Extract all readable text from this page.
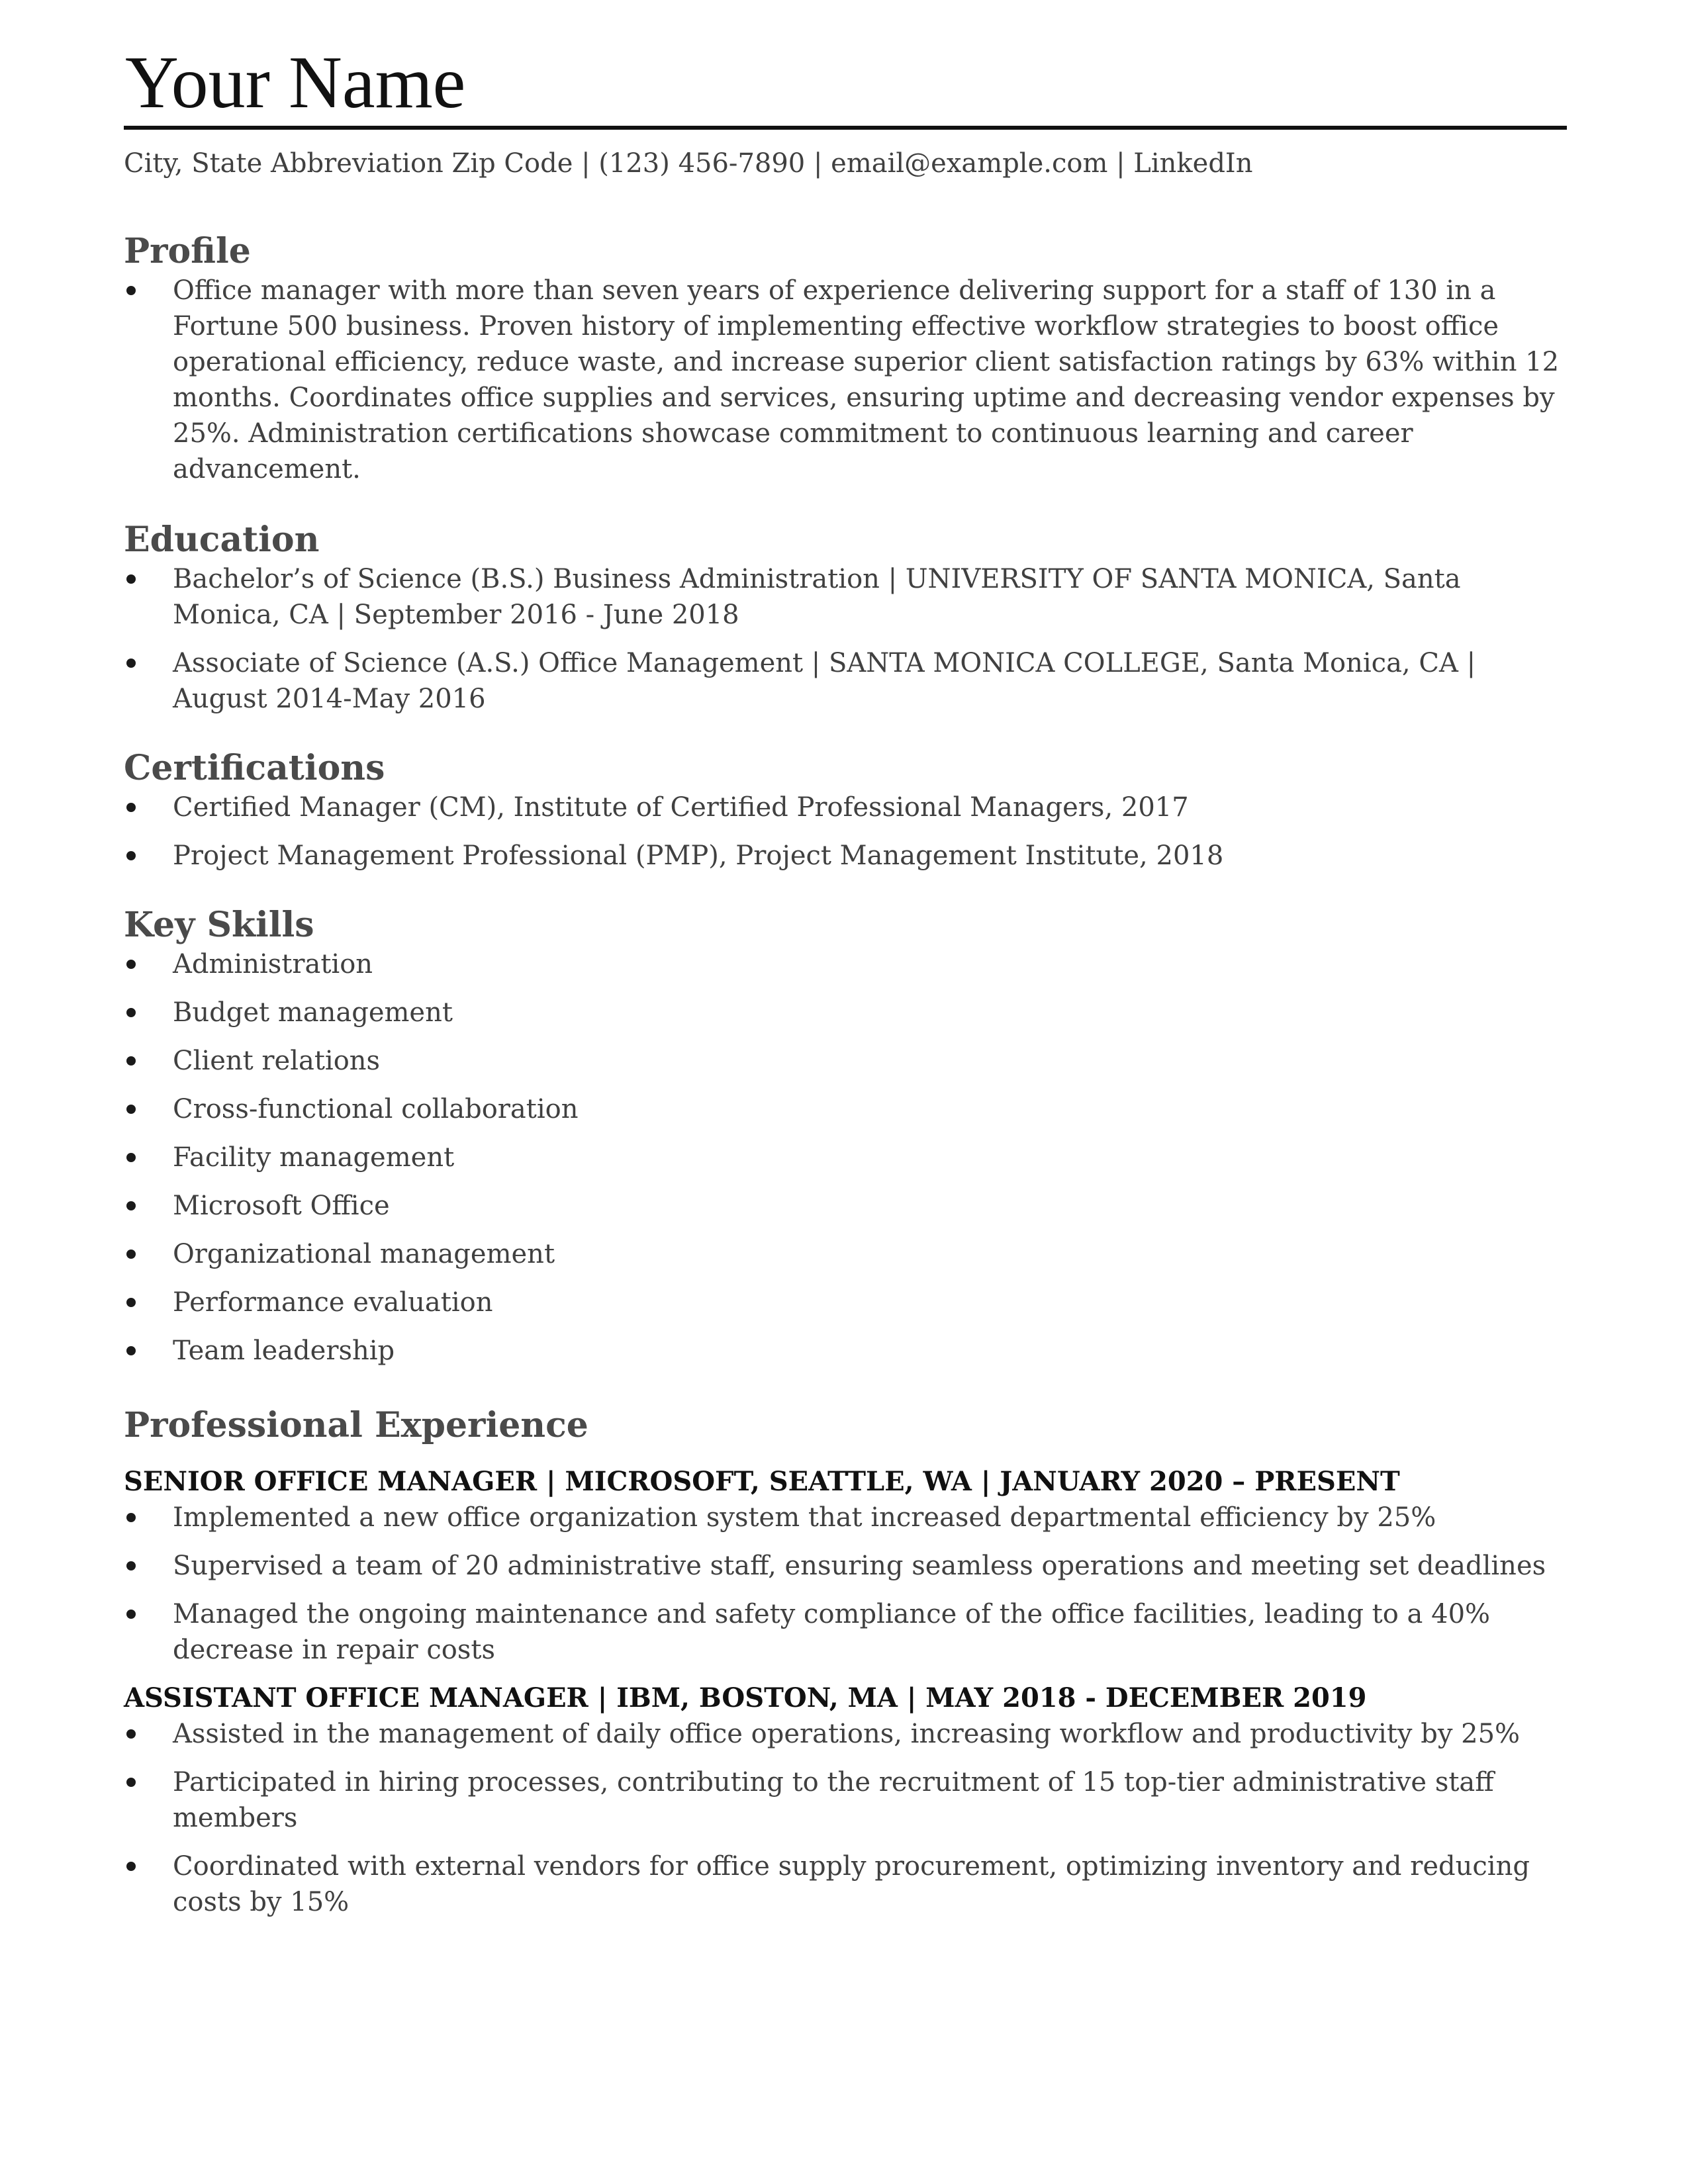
Your Name
City, State Abbreviation Zip Code | (123) 456-7890 | email@example.com | LinkedIn
Profile
Office manager with more than seven years of experience delivering support for a staff of 130 in a Fortune 500 business. Proven history of implementing effective workflow strategies to boost office operational efficiency, reduce waste, and increase superior client satisfaction ratings by 63% within 12 months. Coordinates office supplies and services, ensuring uptime and decreasing vendor expenses by 25%. Administration certifications showcase commitment to continuous learning and career advancement.
Education
Bachelor’s of Science (B.S.) Business Administration | UNIVERSITY OF SANTA MONICA, Santa Monica, CA | September 2016 - June 2018
Associate of Science (A.S.) Office Management | SANTA MONICA COLLEGE, Santa Monica, CA | August 2014-May 2016
Certifications
Certified Manager (CM), Institute of Certified Professional Managers, 2017
Project Management Professional (PMP), Project Management Institute, 2018
Key Skills
Administration
Budget management
Client relations
Cross-functional collaboration
Facility management
Microsoft Office
Organizational management
Performance evaluation
Team leadership
Professional Experience
SENIOR OFFICE MANAGER | MICROSOFT, SEATTLE, WA | JANUARY 2020 – PRESENT
Implemented a new office organization system that increased departmental efficiency by 25%
Supervised a team of 20 administrative staff, ensuring seamless operations and meeting set deadlines
Managed the ongoing maintenance and safety compliance of the office facilities, leading to a 40% decrease in repair costs
ASSISTANT OFFICE MANAGER | IBM, BOSTON, MA | MAY 2018 - DECEMBER 2019
Assisted in the management of daily office operations, increasing workflow and productivity by 25%
Participated in hiring processes, contributing to the recruitment of 15 top-tier administrative staff members
Coordinated with external vendors for office supply procurement, optimizing inventory and reducing costs by 15%
